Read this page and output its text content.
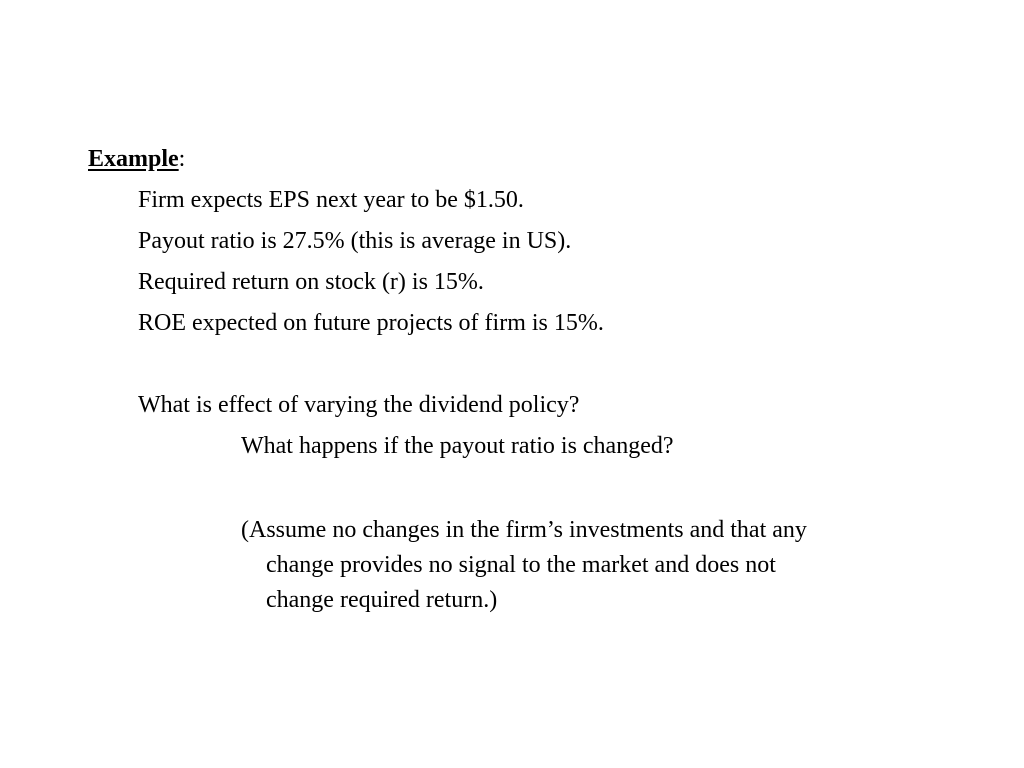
Example:
Firm expects EPS next year to be $1.50.
Payout ratio is 27.5% (this is average in US).
Required return on stock (r) is 15%.
ROE expected on future projects of firm is 15%.
What is effect of varying the dividend policy?
What happens if the payout ratio is changed?
(Assume no changes in the firm’s investments and that any
change provides no signal to the market and does not
change required return.)
